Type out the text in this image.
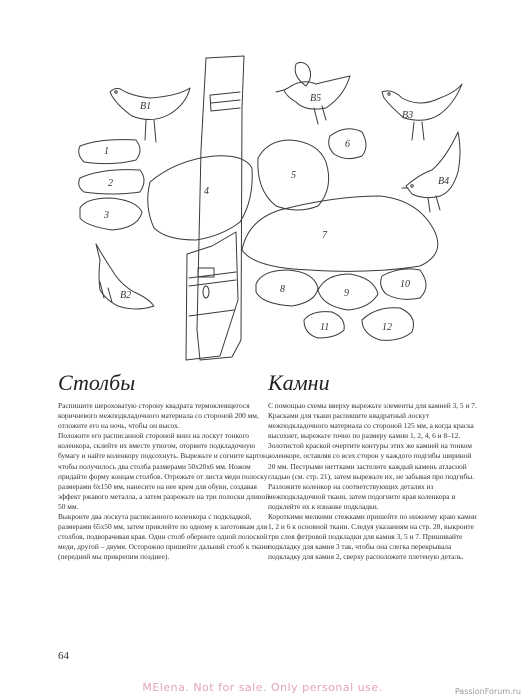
B1
B5
B3
B4
B2
1
2
3
4
5
6
7
8	9
10
11	12
Столбы

Распишите шероховатую сторону квадрата термоклеящегося коричневого межподкладочного материала со стороной 200 мм, отложите его на ночь, чтобы он высох.

Положите его расписанной стороной вниз на лоскут тонкого коленкора, склейте их вместе утюгом, оторвите подкладочную бумагу и найте коленкору подсохнуть. Вырежьте и согните картон, чтобы получилось два столба размерами 50х20х6 мм. Ножом придайте форму концам столбов. Отрежьте от листа меди полоску размерами 6х150 мм, нанесите на нее крем для обуви, создавая эффект ржавого металла, а затем разрежьте на три полоски длиной 50 мм.

Выкроите два лоскута расписанного коленкора с подкладкой, размерами 65х50 мм, затем приклейте по одному к заготовкам для столбов, подворачивая края. Один столб оберните одной полоской меди, другой – двумя. Осторожно пришейте дальний столб к ткани (передний мы прикрепим позднее).

Камни

С помощью схемы вверху вырежьте элементы для камней 3, 5 и 7.

Красками для ткани распишите квадратный лоскут межподкладочного материала со стороной 125 мм, а когда краска высохнет, вырежьте точно по размеру камни 1, 2, 4, 6 и 8–12. Золотистой краской очертите контуры этих же камней на тонком коленкоре, оставляя со всех сторон у каждого подгибы шириной 20 мм. Пестрыми ниттками застелите каждый камень атласной гладью (см. стр. 21), затем вырежьте их, не забывая про подгибы. Разложите коленкор на соответствующих деталях из межподкладочной ткани, затем подогните края коленкора и подклейте их к изнанке подкладки.

Короткими мелкими стежками пришейте по нижнему краю камни 1, 2 и 6 к основной ткани. Следуя указаниям на стр. 28, выкроите три слоя фетровой подкладки для камня 3, 5 и 7. Пришивайте подкладку для камня 3 так, чтобы она слегка перекрывала подкладку для камня 2, сверху расположите плетеную деталь.

64
MElena. Not for sale. Only personal use.	PassionForum.ru
